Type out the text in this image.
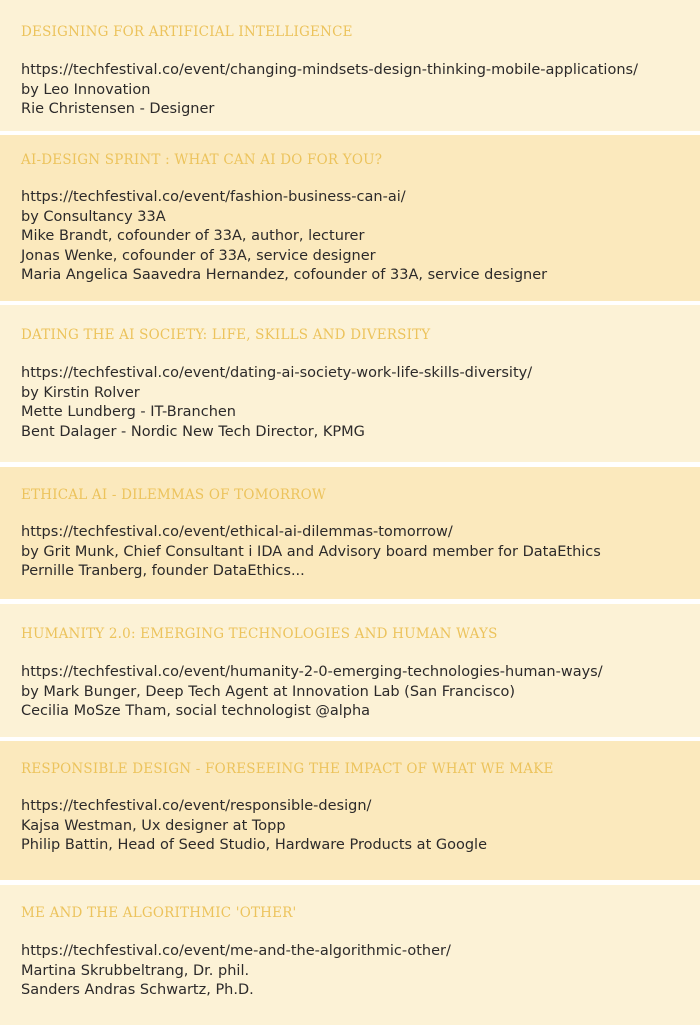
DESIGNING FOR ARTIFICIAL INTELLIGENCE
https://techfestival.co/event/changing-mindsets-design-thinking-mobile-applications/
by Leo Innovation
Rie Christensen - Designer
AI-DESIGN SPRINT : WHAT CAN AI DO FOR YOU?
https://techfestival.co/event/fashion-business-can-ai/
by Consultancy 33A
Mike Brandt, cofounder of 33A, author, lecturer
Jonas Wenke, cofounder of 33A, service designer
Maria Angelica Saavedra Hernandez, cofounder of 33A, service designer
DATING THE AI SOCIETY: LIFE, SKILLS AND DIVERSITY
https://techfestival.co/event/dating-ai-society-work-life-skills-diversity/
by Kirstin Rolver
Mette Lundberg - IT-Branchen
Bent Dalager - Nordic New Tech Director, KPMG
ETHICAL AI - DILEMMAS OF TOMORROW
https://techfestival.co/event/ethical-ai-dilemmas-tomorrow/
by Grit Munk, Chief Consultant i IDA and Advisory board member for DataEthics
Pernille Tranberg, founder DataEthics...
HUMANITY 2.0: EMERGING TECHNOLOGIES AND HUMAN WAYS
https://techfestival.co/event/humanity-2-0-emerging-technologies-human-ways/
by Mark Bunger, Deep Tech Agent at Innovation Lab (San Francisco)
Cecilia MoSze Tham, social technologist @alpha
RESPONSIBLE DESIGN - FORESEEING THE IMPACT OF WHAT WE MAKE
https://techfestival.co/event/responsible-design/
Kajsa Westman, Ux designer at Topp
Philip Battin, Head of Seed Studio, Hardware Products at Google
ME AND THE ALGORITHMIC 'OTHER'
https://techfestival.co/event/me-and-the-algorithmic-other/
Martina Skrubbeltrang, Dr. phil.
Sanders Andras Schwartz, Ph.D.
